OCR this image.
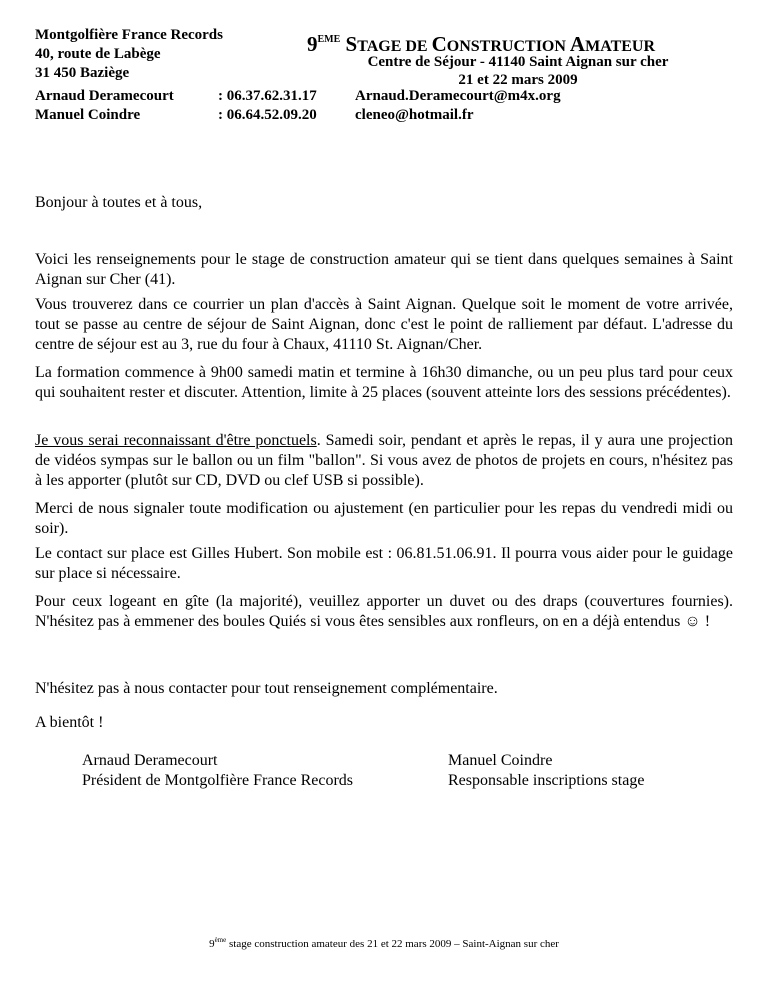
Montgolfière France Records
40, route de Labège
31 450 Baziège
Arnaud Deramecourt	: 06.37.62.31.17
Manuel Coindre	: 06.64.52.09.20
9EME STAGE DE CONSTRUCTION AMATEUR
Centre de Séjour - 41140 Saint Aignan sur cher
21 et 22 mars 2009
Arnaud.Deramecourt@m4x.org
cleneo@hotmail.fr
Bonjour à toutes et à tous,
Voici les renseignements pour le stage de construction amateur qui se tient dans quelques semaines à Saint Aignan sur Cher (41).
Vous trouverez dans ce courrier un plan d'accès à Saint Aignan. Quelque soit le moment de votre arrivée, tout se passe au centre de séjour de Saint Aignan, donc c'est le point de ralliement par défaut. L'adresse du centre de séjour est au 3, rue du four à Chaux, 41110 St. Aignan/Cher.
La formation commence à 9h00 samedi matin et termine à 16h30 dimanche, ou un peu plus tard pour ceux qui souhaitent rester et discuter. Attention, limite à 25 places (souvent atteinte lors des sessions précédentes).
Je vous serai reconnaissant d'être ponctuels. Samedi soir, pendant et après le repas, il y aura une projection de vidéos sympas sur le ballon ou un film "ballon". Si vous avez de photos de projets en cours, n'hésitez pas à les apporter (plutôt sur CD, DVD ou clef USB si possible).
Merci de nous signaler toute modification ou ajustement (en particulier pour les repas du vendredi midi ou soir).
Le contact sur place est Gilles Hubert. Son mobile est : 06.81.51.06.91. Il pourra vous aider pour le guidage sur place si nécessaire.
Pour ceux logeant en gîte (la majorité), veuillez apporter un duvet ou des draps (couvertures fournies). N'hésitez pas à emmener des boules Quiés si vous êtes sensibles aux ronfleurs, on en a déjà entendus ☺ !
N'hésitez pas à nous contacter pour tout renseignement complémentaire.
A bientôt !
Arnaud Deramecourt
Président de Montgolfière France Records
Manuel Coindre
Responsable inscriptions stage
9ème stage construction amateur des 21 et 22 mars 2009 – Saint-Aignan sur cher
